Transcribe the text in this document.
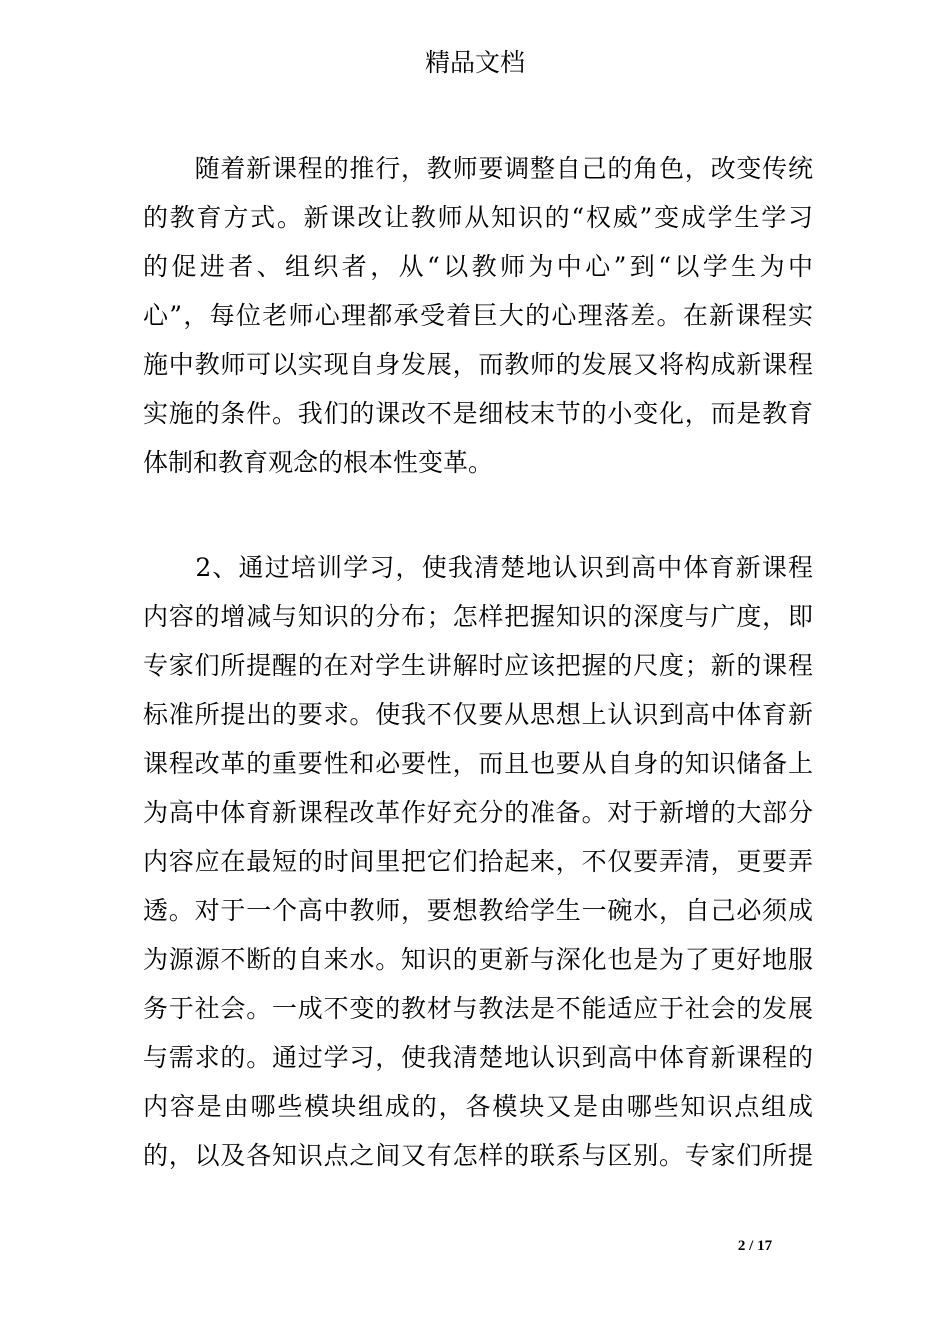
精品文档
　　随着新课程的推行，教师要调整自己的角色，改变传统
的教育方式。新课改让教师从知识的“权威”变成学生学习
的促进者、组织者，从“以教师为中心”到“以学生为中
心”，每位老师心理都承受着巨大的心理落差。在新课程实
施中教师可以实现自身发展，而教师的发展又将构成新课程
实施的条件。我们的课改不是细枝末节的小变化，而是教育
体制和教育观念的根本性变革。
　　2、通过培训学习，使我清楚地认识到高中体育新课程
内容的增减与知识的分布；怎样把握知识的深度与广度，即
专家们所提醒的在对学生讲解时应该把握的尺度；新的课程
标准所提出的要求。使我不仅要从思想上认识到高中体育新
课程改革的重要性和必要性，而且也要从自身的知识储备上
为高中体育新课程改革作好充分的准备。对于新增的大部分
内容应在最短的时间里把它们拾起来，不仅要弄清，更要弄
透。对于一个高中教师，要想教给学生一碗水，自己必须成
为源源不断的自来水。知识的更新与深化也是为了更好地服
务于社会。一成不变的教材与教法是不能适应于社会的发展
与需求的。通过学习，使我清楚地认识到高中体育新课程的
内容是由哪些模块组成的，各模块又是由哪些知识点组成
的，以及各知识点之间又有怎样的联系与区别。专家们所提
2 / 17
